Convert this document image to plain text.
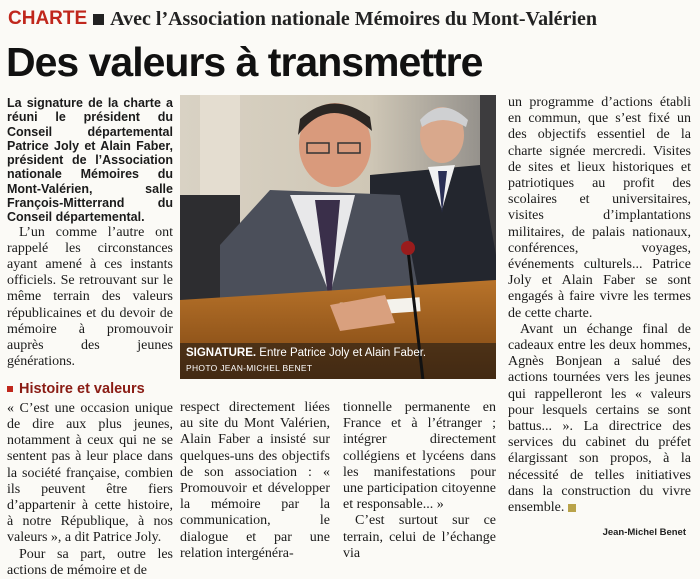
CHARTE Avec l’Association nationale Mémoires du Mont-Valérien
Des valeurs à transmettre

La signature de la charte a réuni le président du Conseil départemental Patrice Joly et Alain Faber, président de l’Association nationale Mémoires du Mont-Valérien, salle François-Mitterrand du Conseil départemental.

L’un comme l’autre ont rappelé les circonstances ayant amené à ces instants officiels. Se retrouvant sur le même terrain des valeurs républicaines et du devoir de mémoire à promouvoir auprès des jeunes générations.

Histoire et valeurs

« C’est une occasion unique de dire aux plus jeunes, notamment à ceux qui ne se sentent pas à leur place dans la société française, combien ils peuvent être fiers d’appartenir à cette histoire, à notre République, à nos valeurs », a dit Patrice Joly.

Pour sa part, outre les actions de mémoire et de

SIGNATURE. Entre Patrice Joly et Alain Faber.
PHOTO JEAN-MICHEL BENET

respect directement liées au site du Mont Valérien, Alain Faber a insisté sur quelques-uns des objectifs de son association : « Promouvoir et développer la mémoire par la communication, le dialogue et par une relation intergénéra-

tionnelle permanente en France et à l’étranger ; intégrer directement collégiens et lycéens dans les manifestations pour une participation citoyenne et responsable... »

C’est surtout sur ce terrain, celui de l’échange via

un programme d’actions établi en commun, que s’est fixé un des objectifs essentiel de la charte signée mercredi. Visites de sites et lieux historiques et patriotiques au profit des scolaires et universitaires, visites d’implantations militaires, de palais nationaux, conférences, voyages, événements culturels... Patrice Joly et Alain Faber se sont engagés à faire vivre les termes de cette charte.

Avant un échange final de cadeaux entre les deux hommes, Agnès Bonjean a salué des actions tournées vers les jeunes qui rappelleront les « valeurs pour lesquels certains se sont battus... ». La directrice des services du cabinet du préfet élargissant son propos, à la nécessité de telles initiatives dans la construction du vivre ensemble.

Jean-Michel Benet
